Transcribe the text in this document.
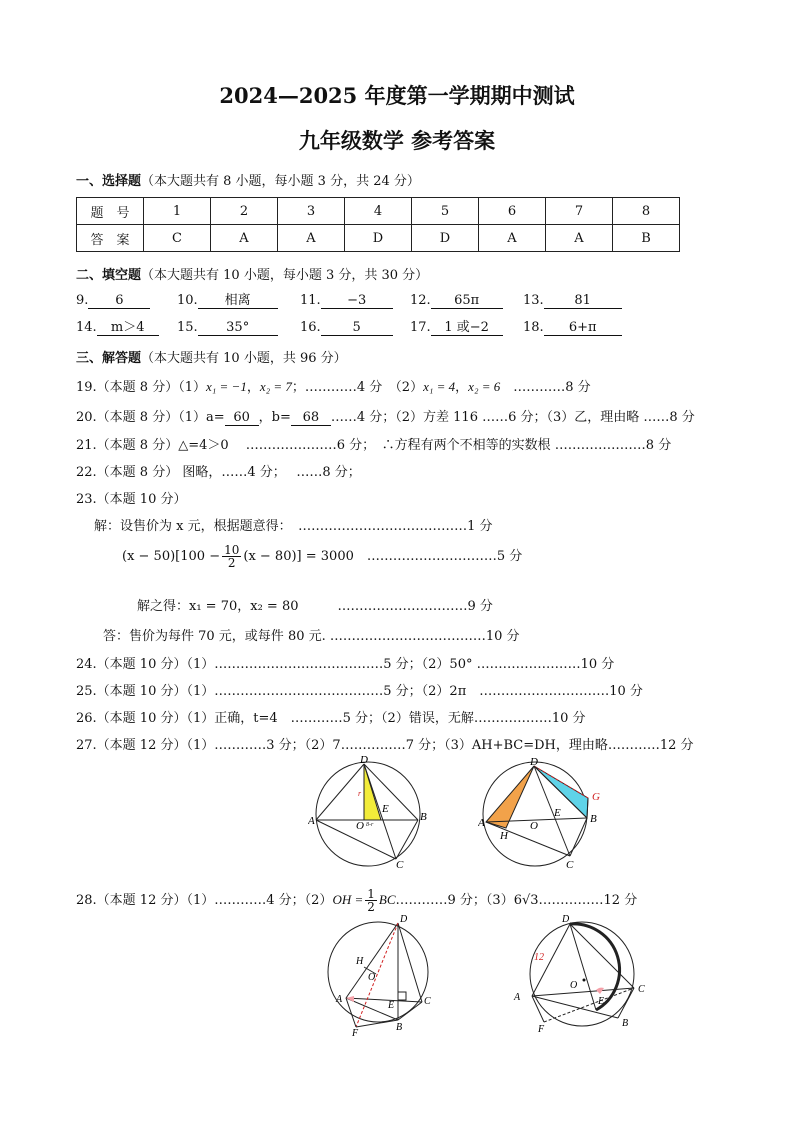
2024—2025 年度第一学期期中测试
九年级数学 参考答案
一、选择题（本大题共有 8 小题，每小题 3 分，共 24 分）
题　号	1	2	3	4	5	6	7	8
答　案	C	A	A	D	D	A	A	B
二、填空题（本大题共有 10 小题，每小题 3 分，共 30 分）
9. 6	10. 相离	11. −3	12. 65π	13. 81
14. m＞4	15. 35°	16. 5	17. 1 或−2	18. 6+π
三、解答题（本大题共有 10 小题，共 96 分）
19.（本题 8 分）（1）x₁ = −1，x₂ = 7；…………4 分　（2）x₁ = 4，x₂ = 6　 …………8 分
20.（本题 8 分）（1）a= 60 ，b= 68 ……4 分；（2）方差 116 ……6 分；（3）乙，理由略 ……8 分
21.（本题 8 分）△=4＞0　 …………………6 分；　∴方程有两个不相等的实数根 …………………8 分
22.（本题 8 分） 图略，……4 分；　 ……8 分；
23.（本题 10 分）
解：设售价为 x 元，根据题意得：　…………………………………1 分
$(x - 50)[100 - \frac{10}{2} (x - 80)] = 3000$　 …………………………5 分
解之得：x₁ = 70，x₂ = 80　　　	…………………………9 分
答：售价为每件 70 元，或每件 80 元. ………………………………10 分
24.（本题 10 分）（1）…………………………………5 分；（2）50° ……………………10 分
25.（本题 10 分）（1）…………………………………5 分；（2）2π　…………………………10 分
26.（本题 10 分）（1）正确，t=4　…………5 分；（2）错误，无解………………10 分
27.（本题 12 分）（1）…………3 分；（2）7……………7 分；（3）AH+BC=DH，理由略…………12 分
D
A	B
C
E
O
r
8-r
D
G
A	B
C
E
O
H
28.（本题 12 分）（1）…………4 分；$(2)OH = \frac{1}{2}$ BC…………9 分；（3）6√3……………12 分
D
H
O
A
E	C
B
F
D
12
O
A	E
C
B
F
